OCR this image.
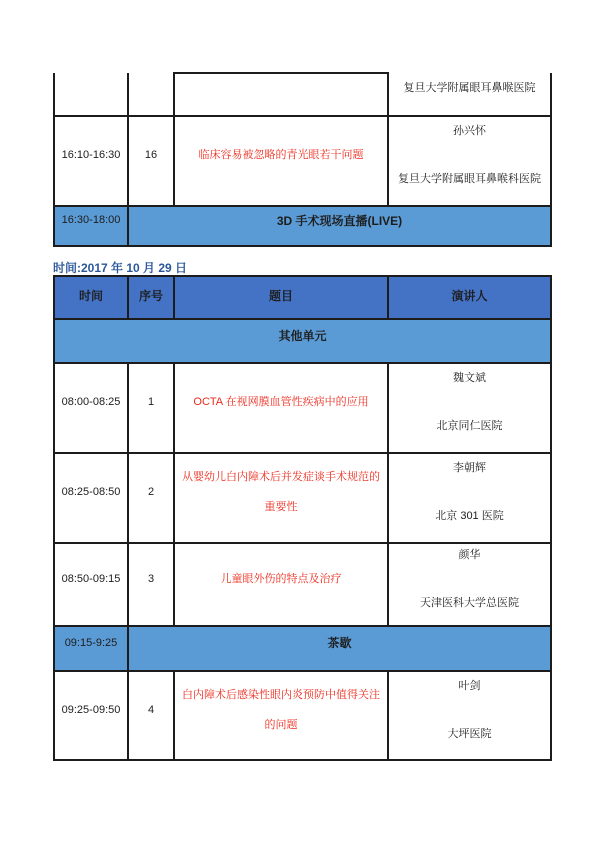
			复旦大学附属眼耳鼻喉医院

16:10-16:30	16	临床容易被忽略的青光眼若干问题	孙兴怀
复旦大学附属眼耳鼻喉科医院

16:30-18:00	3D 手术现场直播(LIVE)		

时间:2017 年 10 月 29 日

时间	序号	题目	演讲人
其他单元			
08:00-08:25	1	OCTA 在视网膜血管性疾病中的应用	魏文斌
北京同仁医院

08:25-08:50	2	从婴幼儿白内障术后并发症谈手术规范的重要性	李朝辉
北京 301 医院

08:50-09:15	3	儿童眼外伤的特点及治疗	颜华
天津医科大学总医院

09:15-9:25	茶歇		
09:25-09:50	4	白内障术后感染性眼内炎预防中值得关注的问题	叶剑
大坪医院
